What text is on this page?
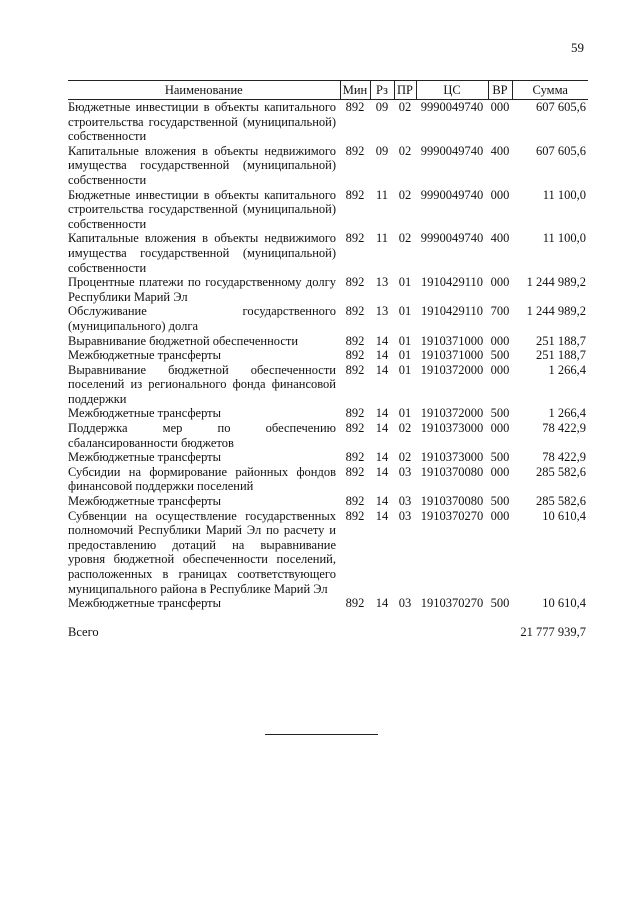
59
Наименование	Мин	Рз	ПР	ЦС	ВР	Сумма
Бюджетные инвестиции в объекты капитального строительства государственной (муниципальной) собственности	892	09	02	9990049740	000	607 605,6
Капитальные вложения в объекты недвижимого имущества государственной (муниципальной) собственности	892	09	02	9990049740	400	607 605,6
Бюджетные инвестиции в объекты капитального строительства государственной (муниципальной) собственности	892	11	02	9990049740	000	11 100,0
Капитальные вложения в объекты недвижимого имущества государственной (муниципальной) собственности	892	11	02	9990049740	400	11 100,0
Процентные платежи по государственному долгу Республики Марий Эл	892	13	01	1910429110	000	1 244 989,2
Обслуживание государственного (муниципального) долга	892	13	01	1910429110	700	1 244 989,2
Выравнивание бюджетной обеспеченности	892	14	01	1910371000	000	251 188,7
Межбюджетные трансферты	892	14	01	1910371000	500	251 188,7
Выравнивание бюджетной обеспеченности поселений из регионального фонда финансовой поддержки	892	14	01	1910372000	000	1 266,4
Межбюджетные трансферты	892	14	01	1910372000	500	1 266,4
Поддержка мер по обеспечению сбалансированности бюджетов	892	14	02	1910373000	000	78 422,9
Межбюджетные трансферты	892	14	02	1910373000	500	78 422,9
Субсидии на формирование районных фондов финансовой поддержки поселений	892	14	03	1910370080	000	285 582,6
Межбюджетные трансферты	892	14	03	1910370080	500	285 582,6
Субвенции на осуществление государственных полномочий Республики Марий Эл по расчету и предоставлению дотаций на выравнивание уровня бюджетной обеспеченности поселений, расположенных в границах соответствующего муниципального района в Республике Марий Эл	892	14	03	1910370270	000	10 610,4
Межбюджетные трансферты	892	14	03	1910370270	500	10 610,4
Всего	21 777 939,7					
